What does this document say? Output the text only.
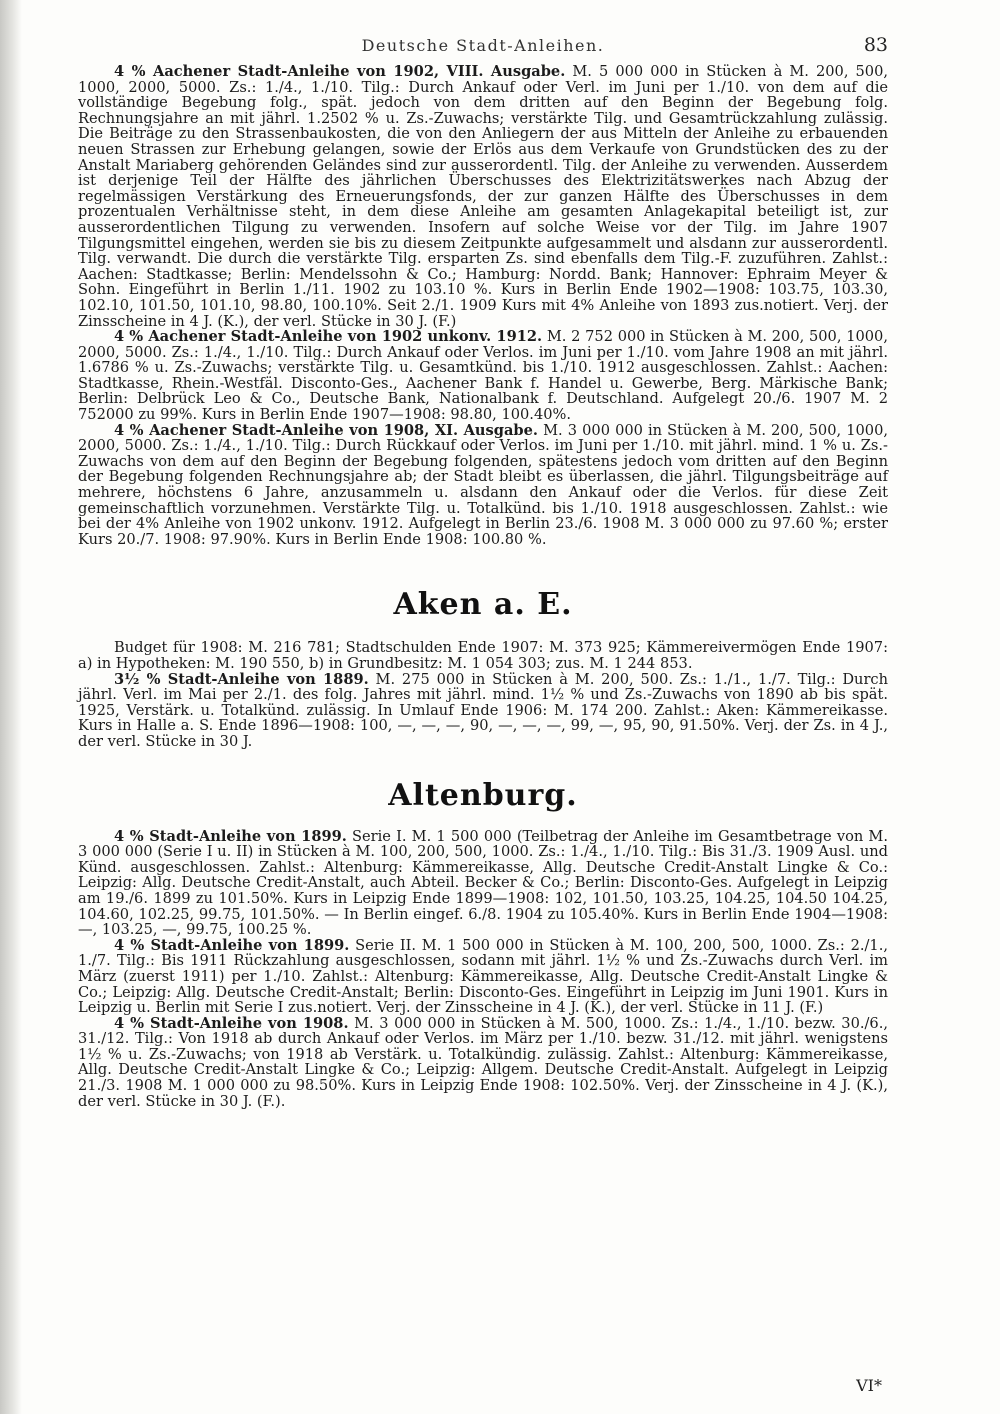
Deutsche Stadt-Anleihen.	83

4 % Aachener Stadt-Anleihe von 1902, VIII. Ausgabe. M. 5 000 000 in Stücken à M. 200, 500, 1000, 2000, 5000. Zs.: 1./4., 1./10. Tilg.: Durch Ankauf oder Verl. im Juni per 1./10. von dem auf die vollständige Begebung folg., spät. jedoch von dem dritten auf den Beginn der Begebung folg. Rechnungsjahre an mit jährl. 1.2502 % u. Zs.-Zuwachs; verstärkte Tilg. und Gesamtrückzahlung zulässig. Die Beiträge zu den Strassenbaukosten, die von den Anliegern der aus Mitteln der Anleihe zu erbauenden neuen Strassen zur Erhebung gelangen, sowie der Erlös aus dem Verkaufe von Grundstücken des zu der Anstalt Mariaberg gehörenden Geländes sind zur ausserordentl. Tilg. der Anleihe zu verwenden. Ausserdem ist derjenige Teil der Hälfte des jährlichen Überschusses des Elektrizitätswerkes nach Abzug der regelmässigen Verstärkung des Erneuerungsfonds, der zur ganzen Hälfte des Überschusses in dem prozentualen Verhältnisse steht, in dem diese Anleihe am gesamten Anlagekapital beteiligt ist, zur ausserordentlichen Tilgung zu verwenden. Insofern auf solche Weise vor der Tilg. im Jahre 1907 Tilgungsmittel eingehen, werden sie bis zu diesem Zeitpunkte aufgesammelt und alsdann zur ausserordentl. Tilg. verwandt. Die durch die verstärkte Tilg. ersparten Zs. sind ebenfalls dem Tilg.-F. zuzuführen. Zahlst.: Aachen: Stadtkasse; Berlin: Mendelssohn & Co.; Hamburg: Nordd. Bank; Hannover: Ephraim Meyer & Sohn. Eingeführt in Berlin 1./11. 1902 zu 103.10 %. Kurs in Berlin Ende 1902—1908: 103.75, 103.30, 102.10, 101.50, 101.10, 98.80, 100.10%. Seit 2./1. 1909 Kurs mit 4% Anleihe von 1893 zus.notiert. Verj. der Zinsscheine in 4 J. (K.), der verl. Stücke in 30 J. (F.)

4 % Aachener Stadt-Anleihe von 1902 unkonv. 1912. M. 2 752 000 in Stücken à M. 200, 500, 1000, 2000, 5000. Zs.: 1./4., 1./10. Tilg.: Durch Ankauf oder Verlos. im Juni per 1./10. vom Jahre 1908 an mit jährl. 1.6786 % u. Zs.-Zuwachs; verstärkte Tilg. u. Gesamtkünd. bis 1./10. 1912 ausgeschlossen. Zahlst.: Aachen: Stadtkasse, Rhein.-Westfäl. Disconto-Ges., Aachener Bank f. Handel u. Gewerbe, Berg. Märkische Bank; Berlin: Delbrück Leo & Co., Deutsche Bank, Nationalbank f. Deutschland. Aufgelegt 20./6. 1907 M. 2 752000 zu 99%. Kurs in Berlin Ende 1907—1908: 98.80, 100.40%.

4 % Aachener Stadt-Anleihe von 1908, XI. Ausgabe. M. 3 000 000 in Stücken à M. 200, 500, 1000, 2000, 5000. Zs.: 1./4., 1./10. Tilg.: Durch Rückkauf oder Verlos. im Juni per 1./10. mit jährl. mind. 1 % u. Zs.-Zuwachs von dem auf den Beginn der Begebung folgenden, spätestens jedoch vom dritten auf den Beginn der Begebung folgenden Rechnungsjahre ab; der Stadt bleibt es überlassen, die jährl. Tilgungsbeiträge auf mehrere, höchstens 6 Jahre, anzusammeln u. alsdann den Ankauf oder die Verlos. für diese Zeit gemeinschaftlich vorzunehmen. Verstärkte Tilg. u. Totalkünd. bis 1./10. 1918 ausgeschlossen. Zahlst.: wie bei der 4% Anleihe von 1902 unkonv. 1912. Aufgelegt in Berlin 23./6. 1908 M. 3 000 000 zu 97.60 %; erster Kurs 20./7. 1908: 97.90%. Kurs in Berlin Ende 1908: 100.80 %.

Aken a. E.

Budget für 1908: M. 216 781; Stadtschulden Ende 1907: M. 373 925; Kämmereivermögen Ende 1907: a) in Hypotheken: M. 190 550, b) in Grundbesitz: M. 1 054 303; zus. M. 1 244 853.

3½ % Stadt-Anleihe von 1889. M. 275 000 in Stücken à M. 200, 500. Zs.: 1./1., 1./7. Tilg.: Durch jährl. Verl. im Mai per 2./1. des folg. Jahres mit jährl. mind. 1½ % und Zs.-Zuwachs von 1890 ab bis spät. 1925, Verstärk. u. Totalkünd. zulässig. In Umlauf Ende 1906: M. 174 200. Zahlst.: Aken: Kämmereikasse. Kurs in Halle a. S. Ende 1896—1908: 100, —, —, —, 90, —, —, —, 99, —, 95, 90, 91.50%. Verj. der Zs. in 4 J., der verl. Stücke in 30 J.

Altenburg.

4 % Stadt-Anleihe von 1899. Serie I. M. 1 500 000 (Teilbetrag der Anleihe im Gesamtbetrage von M. 3 000 000 (Serie I u. II) in Stücken à M. 100, 200, 500, 1000. Zs.: 1./4., 1./10. Tilg.: Bis 31./3. 1909 Ausl. und Künd. ausgeschlossen. Zahlst.: Altenburg: Kämmereikasse, Allg. Deutsche Credit-Anstalt Lingke & Co.: Leipzig: Allg. Deutsche Credit-Anstalt, auch Abteil. Becker & Co.; Berlin: Disconto-Ges. Aufgelegt in Leipzig am 19./6. 1899 zu 101.50%. Kurs in Leipzig Ende 1899—1908: 102, 101.50, 103.25, 104.25, 104.50 104.25, 104.60, 102.25, 99.75, 101.50%. — In Berlin eingef. 6./8. 1904 zu 105.40%. Kurs in Berlin Ende 1904—1908: —, 103.25, —, 99.75, 100.25 %.

4 % Stadt-Anleihe von 1899. Serie II. M. 1 500 000 in Stücken à M. 100, 200, 500, 1000. Zs.: 2./1., 1./7. Tilg.: Bis 1911 Rückzahlung ausgeschlossen, sodann mit jährl. 1½ % und Zs.-Zuwachs durch Verl. im März (zuerst 1911) per 1./10. Zahlst.: Altenburg: Kämmereikasse, Allg. Deutsche Credit-Anstalt Lingke & Co.; Leipzig: Allg. Deutsche Credit-Anstalt; Berlin: Disconto-Ges. Eingeführt in Leipzig im Juni 1901. Kurs in Leipzig u. Berlin mit Serie I zus.notiert. Verj. der Zinsscheine in 4 J. (K.), der verl. Stücke in 11 J. (F.)

4 % Stadt-Anleihe von 1908. M. 3 000 000 in Stücken à M. 500, 1000. Zs.: 1./4., 1./10. bezw. 30./6., 31./12. Tilg.: Von 1918 ab durch Ankauf oder Verlos. im März per 1./10. bezw. 31./12. mit jährl. wenigstens 1½ % u. Zs.-Zuwachs; von 1918 ab Verstärk. u. Totalkündig. zulässig. Zahlst.: Altenburg: Kämmereikasse, Allg. Deutsche Credit-Anstalt Lingke & Co.; Leipzig: Allgem. Deutsche Credit-Anstalt. Aufgelegt in Leipzig 21./3. 1908 M. 1 000 000 zu 98.50%. Kurs in Leipzig Ende 1908: 102.50%. Verj. der Zinsscheine in 4 J. (K.), der verl. Stücke in 30 J. (F.).

VI*
